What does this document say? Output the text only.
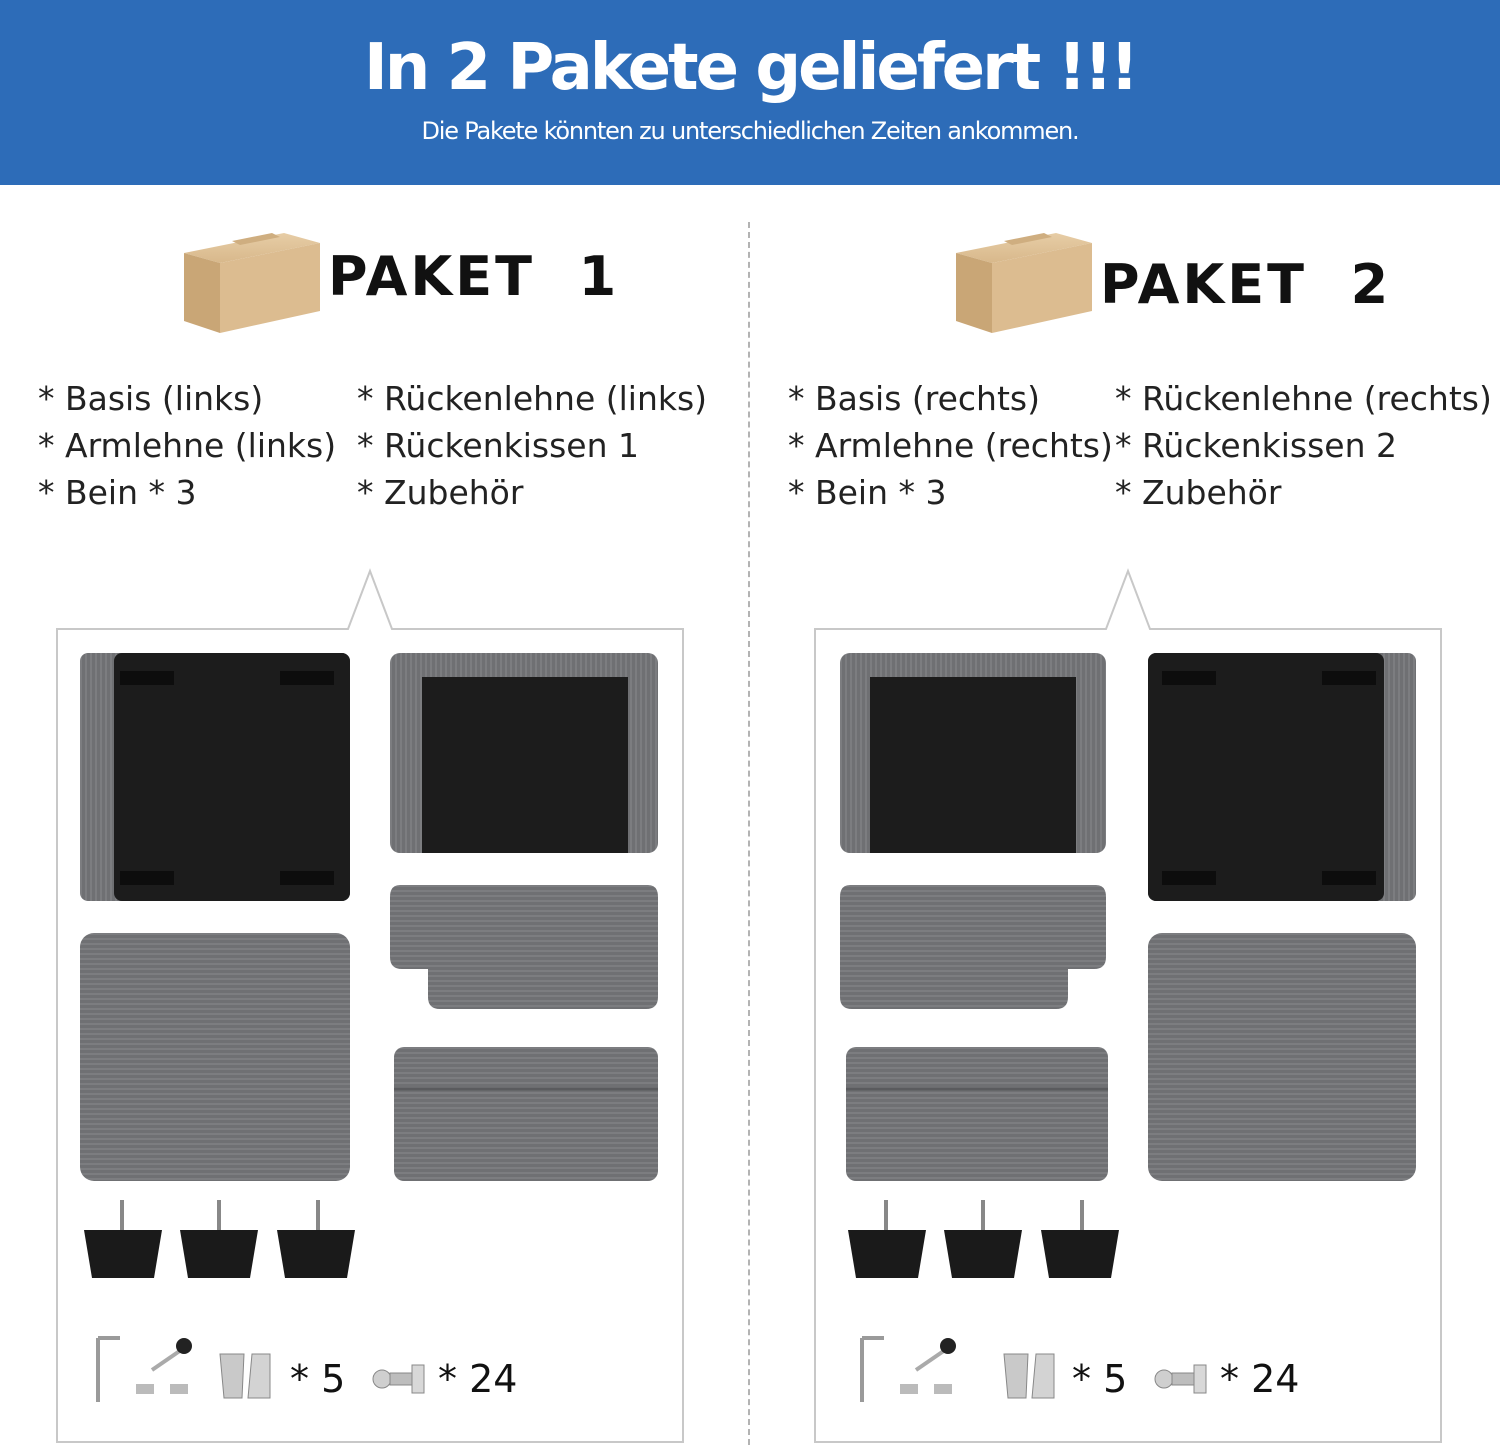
In 2 Pakete geliefert !!!
Die Pakete könnten zu unterschiedlichen Zeiten ankommen.
PAKET  1
* Basis (links)
* Armlehne (links)
* Bein * 3
* Rückenlehne (links)
* Rückenkissen 1
* Zubehör
* 5 * 24
PAKET  2
* Basis (rechts)
* Armlehne (rechts)
* Bein * 3
* Rückenlehne (rechts)
* Rückenkissen 2
* Zubehör
* 5 * 24
